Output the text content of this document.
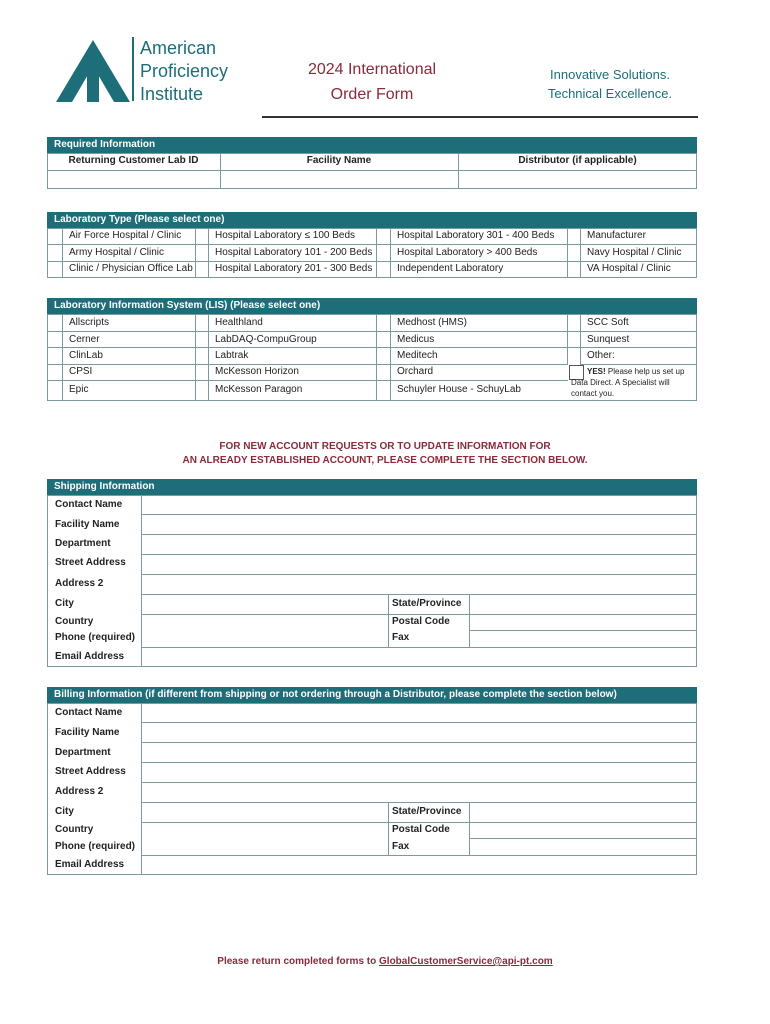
American
Proficiency
Institute
2024 International
Order Form
Innovative Solutions.
Technical Excellence.
Required Information
Returning Customer Lab ID	Facility Name	Distributor (if applicable)
Laboratory Type (Please select one)
Air Force Hospital / Clinic
Army Hospital / Clinic
Clinic / Physician Office Lab
Hospital Laboratory ≤ 100 Beds
Hospital Laboratory 101 - 200 Beds
Hospital Laboratory 201 - 300 Beds
Hospital Laboratory 301 - 400 Beds
Hospital Laboratory > 400 Beds
Independent Laboratory
Manufacturer
Navy Hospital / Clinic
VA Hospital / Clinic
Laboratory Information System (LIS) (Please select one)
Allscripts
Cerner
ClinLab
CPSI
Epic
Healthland
LabDAQ-CompuGroup
Labtrak
McKesson Horizon
McKesson Paragon
Medhost (HMS)
Medicus
Meditech
Orchard
Schuyler House - SchuyLab
SCC Soft
Sunquest
Other:
YES! Please help us set up
Data Direct. A Specialist will
contact you.
FOR NEW ACCOUNT REQUESTS OR TO UPDATE INFORMATION FOR
AN ALREADY ESTABLISHED ACCOUNT, PLEASE COMPLETE THE SECTION BELOW.
Shipping Information
Contact Name
Facility Name
Department
Street Address
Address 2
City
Country
Phone (required)
Email Address
State/Province
Postal Code
Fax
Billing Information (if different from shipping or not ordering through a Distributor, please complete the section below)
Contact Name
Facility Name
Department
Street Address
Address 2
City
Country
Phone (required)
Email Address
State/Province
Postal Code
Fax
Please return completed forms to GlobalCustomerService@api-pt.com
